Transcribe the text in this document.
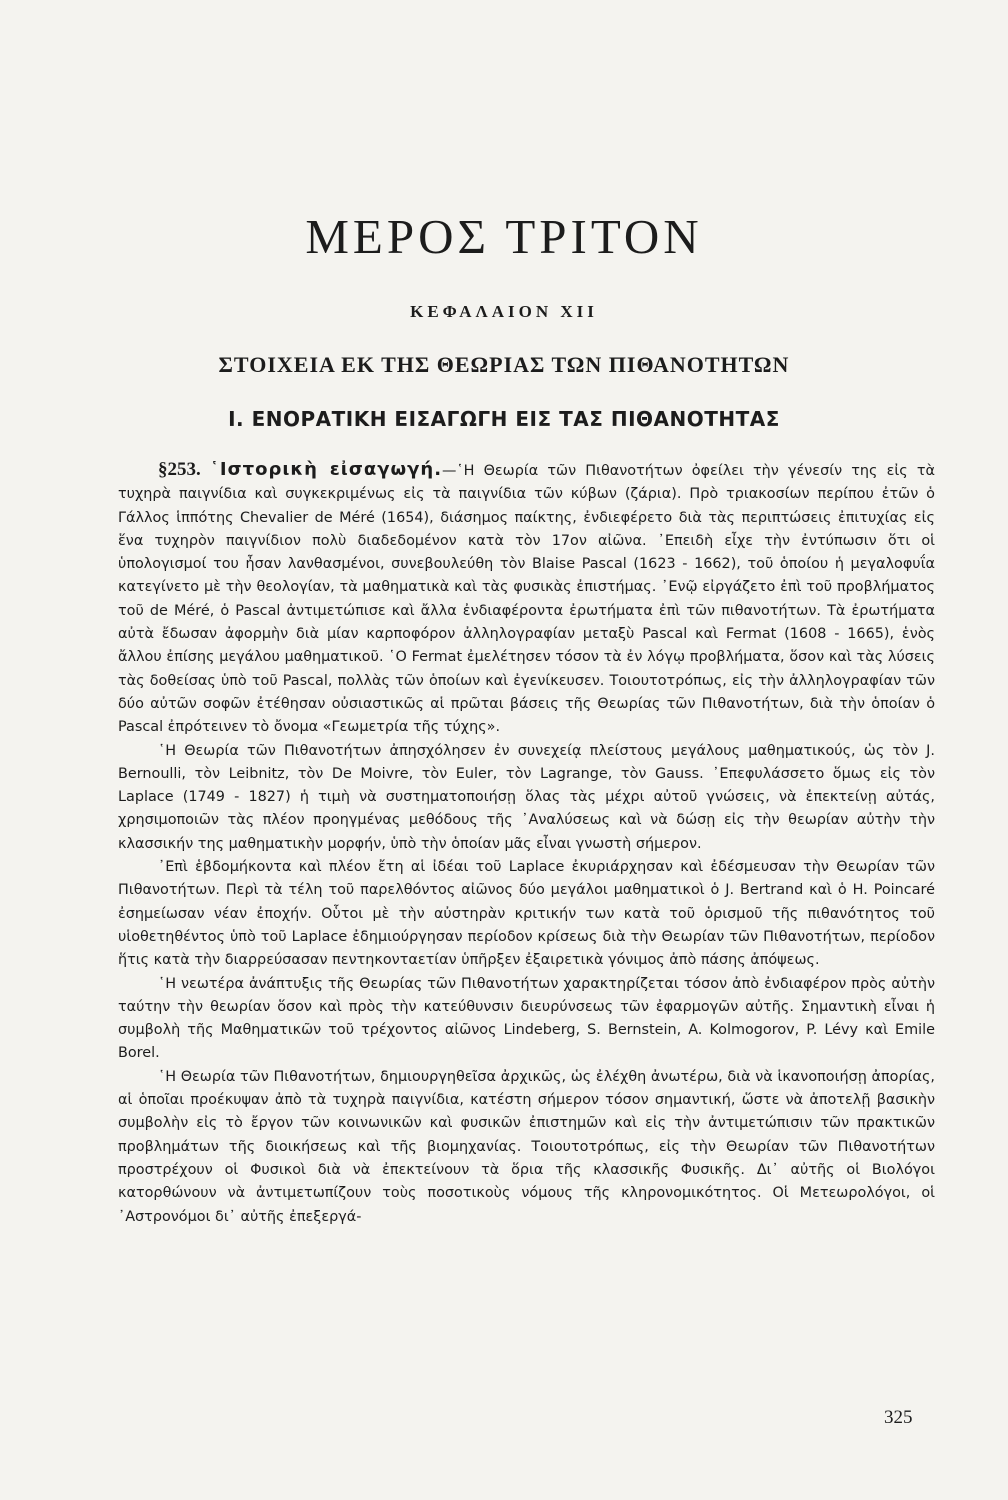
ΜΕΡΟΣ ΤΡΙΤΟΝ
ΚΕΦΑΛΑΙΟΝ XII
ΣΤΟΙΧΕΙΑ ΕΚ ΤΗΣ ΘΕΩΡΙΑΣ ΤΩΝ ΠΙΘΑΝΟΤΗΤΩΝ
Ι. ΕΝΟΡΑΤΙΚΗ ΕΙΣΑΓΩΓΗ ΕΙΣ ΤΑΣ ΠΙΘΑΝΟΤΗΤΑΣ

§253. ῾Ιστορικὴ εἰσαγωγή.—῾Η Θεωρία τῶν Πιθανοτήτων ὀφείλει τὴν γένεσίν της εἰς τὰ τυχηρὰ παιγνίδια καὶ συγκεκριμένως εἰς τὰ παιγνίδια τῶν κύβων (ζάρια). Πρὸ τριακοσίων περίπου ἐτῶν ὁ Γάλλος ἱππότης Chevalier de Méré (1654), διάσημος παίκτης, ἐνδιεφέρετο διὰ τὰς περιπτώσεις ἐπιτυχίας εἰς ἕνα τυχηρὸν παιγνίδιον πολὺ διαδεδομένον κατὰ τὸν 17ον αἰῶνα. ᾿Επειδὴ εἶχε τὴν ἐντύπωσιν ὅτι οἱ ὑπολογισμοί του ἦσαν λανθασμένοι, συνεβουλεύθη τὸν Blaise Pascal (1623 - 1662), τοῦ ὁποίου ἡ μεγαλοφυΐα κατεγίνετο μὲ τὴν θεολογίαν, τὰ μαθηματικὰ καὶ τὰς φυσικὰς ἐπιστήμας. ᾿Ενῷ εἰργάζετο ἐπὶ τοῦ προβλήματος τοῦ de Méré, ὁ Pascal ἀντιμετώπισε καὶ ἄλλα ἐνδιαφέροντα ἐρωτήματα ἐπὶ τῶν πιθανοτήτων. Τὰ ἐρωτήματα αὐτὰ ἔδωσαν ἀφορμὴν διὰ μίαν καρποφόρον ἀλληλογραφίαν μεταξὺ Pascal καὶ Fermat (1608 - 1665), ἑνὸς ἄλλου ἐπίσης μεγάλου μαθηματικοῦ. ῾Ο Fermat ἐμελέτησεν τόσον τὰ ἐν λόγῳ προβλήματα, ὅσον καὶ τὰς λύσεις τὰς δοθείσας ὑπὸ τοῦ Pascal, πολλὰς τῶν ὁποίων καὶ ἐγενίκευσεν. Τοιουτοτρόπως, εἰς τὴν ἀλληλογραφίαν τῶν δύο αὐτῶν σοφῶν ἐτέθησαν οὐσιαστικῶς αἱ πρῶται βάσεις τῆς Θεωρίας τῶν Πιθανοτήτων, διὰ τὴν ὁποίαν ὁ Pascal ἐπρότεινεν τὸ ὄνομα «Γεωμετρία τῆς τύχης».

῾Η Θεωρία τῶν Πιθανοτήτων ἀπησχόλησεν ἐν συνεχείᾳ πλείστους μεγάλους μαθηματικούς, ὡς τὸν J. Bernoulli, τὸν Leibnitz, τὸν De Moivre, τὸν Euler, τὸν Lagrange, τὸν Gauss. ᾿Επεφυλάσσετο ὅμως εἰς τὸν Laplace (1749 - 1827) ἡ τιμὴ νὰ συστηματοποιήσῃ ὅλας τὰς μέχρι αὐτοῦ γνώσεις, νὰ ἐπεκτείνῃ αὐτάς, χρησιμοποιῶν τὰς πλέον προηγμένας μεθόδους τῆς ᾿Αναλύσεως καὶ νὰ δώσῃ εἰς τὴν θεωρίαν αὐτὴν τὴν κλασσικήν της μαθηματικὴν μορφήν, ὑπὸ τὴν ὁποίαν μᾶς εἶναι γνωστὴ σήμερον.

᾿Επὶ ἑβδομήκοντα καὶ πλέον ἔτη αἱ ἰδέαι τοῦ Laplace ἐκυριάρχησαν καὶ ἐδέσμευσαν τὴν Θεωρίαν τῶν Πιθανοτήτων. Περὶ τὰ τέλη τοῦ παρελθόντος αἰῶνος δύο μεγάλοι μαθηματικοὶ ὁ J. Bertrand καὶ ὁ H. Poincaré ἐσημείωσαν νέαν ἐποχήν. Οὗτοι μὲ τὴν αὐστηρὰν κριτικήν των κατὰ τοῦ ὁρισμοῦ τῆς πιθανότητος τοῦ υἱοθετηθέντος ὑπὸ τοῦ Laplace ἐδημιούργησαν περίοδον κρίσεως διὰ τὴν Θεωρίαν τῶν Πιθανοτήτων, περίοδον ἥτις κατὰ τὴν διαρρεύσασαν πεντηκονταετίαν ὑπῆρξεν ἐξαιρετικὰ γόνιμος ἀπὸ πάσης ἀπόψεως.

῾Η νεωτέρα ἀνάπτυξις τῆς Θεωρίας τῶν Πιθανοτήτων χαρακτηρίζεται τόσον ἀπὸ ἐνδιαφέρον πρὸς αὐτὴν ταύτην τὴν θεωρίαν ὅσον καὶ πρὸς τὴν κατεύθυνσιν διευρύνσεως τῶν ἐφαρμογῶν αὐτῆς. Σημαντικὴ εἶναι ἡ συμβολὴ τῆς Μαθηματικῶν τοῦ τρέχοντος αἰῶνος Lindeberg, S. Bernstein, A. Kolmogorov, P. Lévy καὶ Emile Borel.

῾Η Θεωρία τῶν Πιθανοτήτων, δημιουργηθεῖσα ἀρχικῶς, ὡς ἐλέχθη ἀνωτέρω, διὰ νὰ ἱκανοποιήσῃ ἀπορίας, αἱ ὁποῖαι προέκυψαν ἀπὸ τὰ τυχηρὰ παιγνίδια, κατέστη σήμερον τόσον σημαντική, ὥστε νὰ ἀποτελῇ βασικὴν συμβολὴν εἰς τὸ ἔργον τῶν κοινωνικῶν καὶ φυσικῶν ἐπιστημῶν καὶ εἰς τὴν ἀντιμετώπισιν τῶν πρακτικῶν προβλημάτων τῆς διοικήσεως καὶ τῆς βιομηχανίας. Τοιουτοτρόπως, εἰς τὴν Θεωρίαν τῶν Πιθανοτήτων προστρέχουν οἱ Φυσικοὶ διὰ νὰ ἐπεκτείνουν τὰ ὅρια τῆς κλασσικῆς Φυσικῆς. Δι᾿ αὐτῆς οἱ Βιολόγοι κατορθώνουν νὰ ἀντιμετωπίζουν τοὺς ποσοτικοὺς νόμους τῆς κληρονομικότητος. Οἱ Μετεωρολόγοι, οἱ ᾿Αστρονόμοι δι᾿ αὐτῆς ἐπεξεργά-

325
